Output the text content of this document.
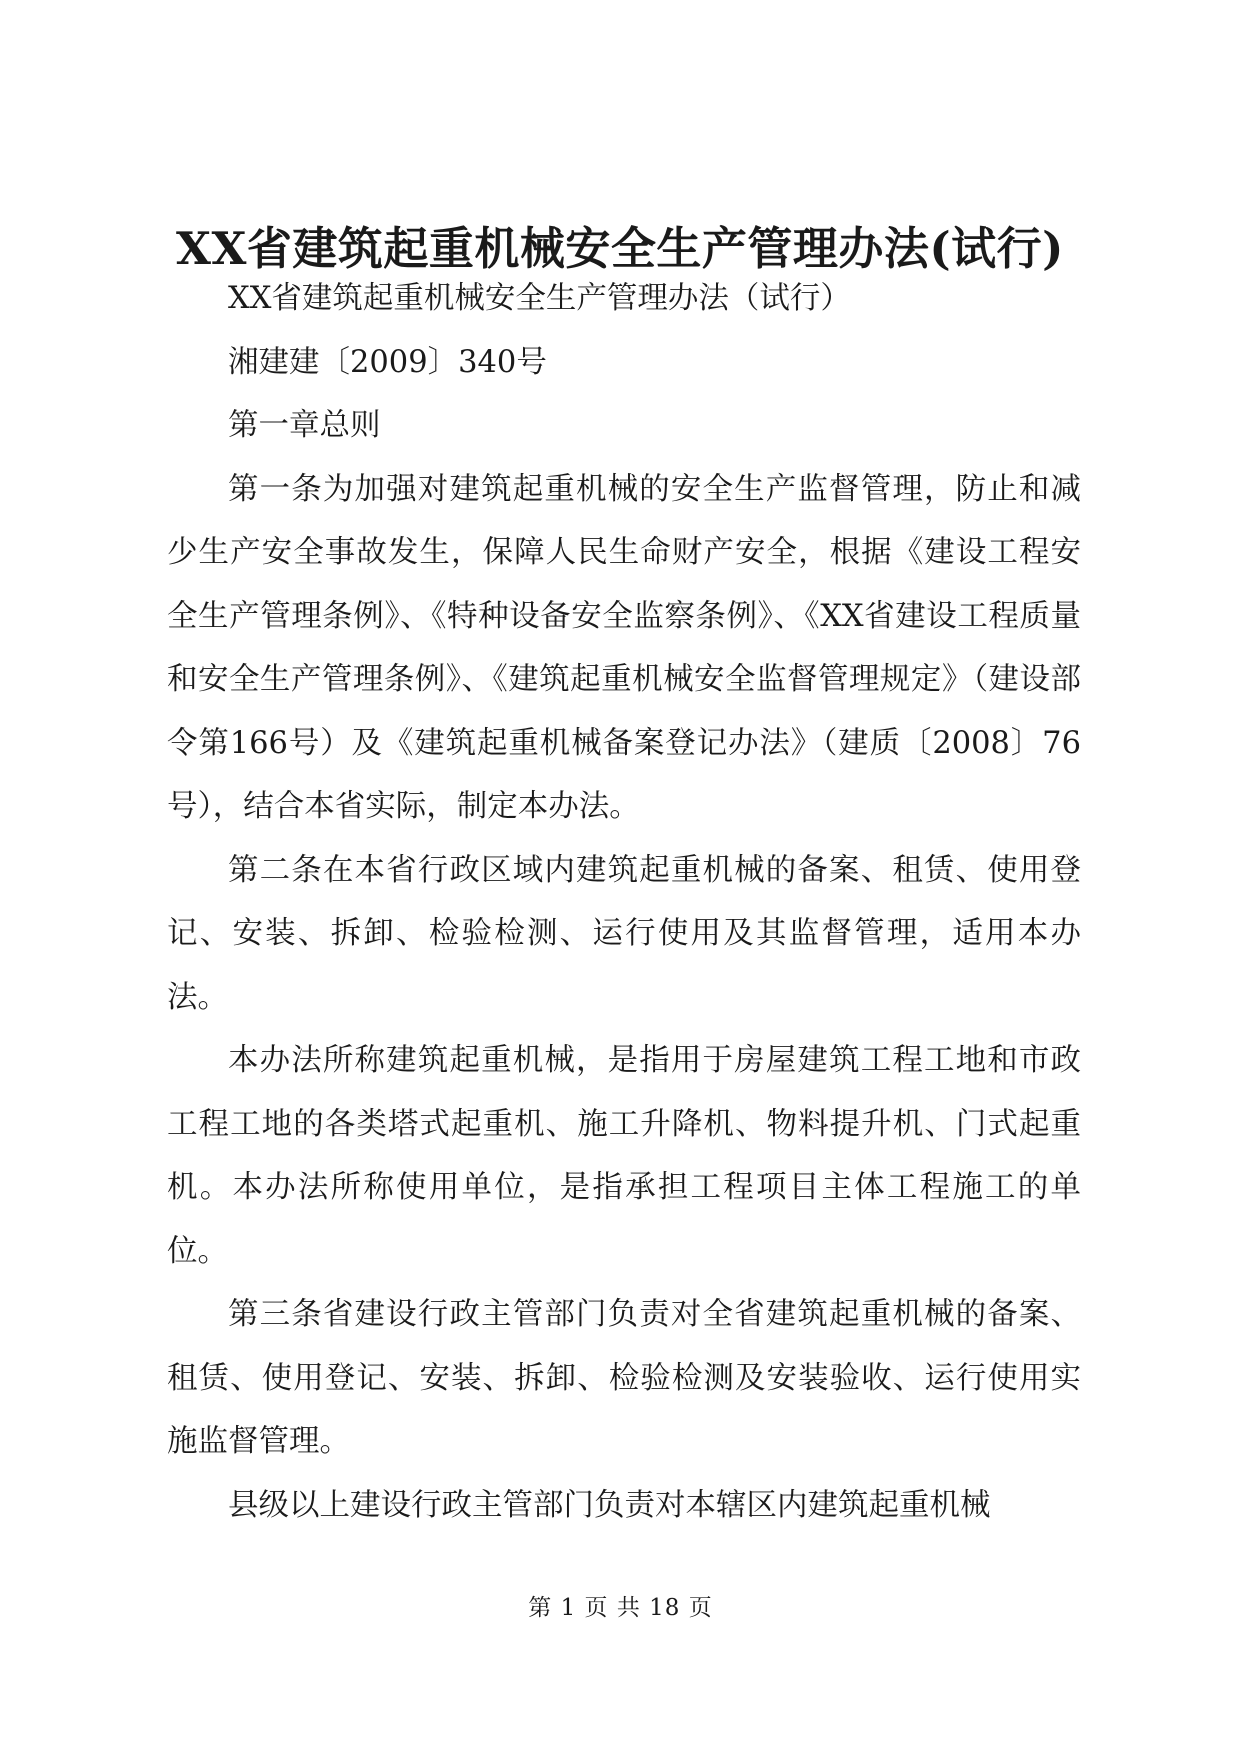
XX省建筑起重机械安全生产管理办法(试行)

XX省建筑起重机械安全生产管理办法（试行）

湘建建〔2009〕340号

第一章总则

第一条为加强对建筑起重机械的安全生产监督管理，防止和减少生产安全事故发生，保障人民生命财产安全，根据《建设工程安全生产管理条例》、《特种设备安全监察条例》、《XX省建设工程质量和安全生产管理条例》、《建筑起重机械安全监督管理规定》（建设部令第166号）及《建筑起重机械备案登记办法》（建质〔2008〕76号），结合本省实际，制定本办法。

第二条在本省行政区域内建筑起重机械的备案、租赁、使用登记、安装、拆卸、检验检测、运行使用及其监督管理，适用本办法。

本办法所称建筑起重机械，是指用于房屋建筑工程工地和市政工程工地的各类塔式起重机、施工升降机、物料提升机、门式起重机。本办法所称使用单位，是指承担工程项目主体工程施工的单位。

第三条省建设行政主管部门负责对全省建筑起重机械的备案、租赁、使用登记、安装、拆卸、检验检测及安装验收、运行使用实施监督管理。

县级以上建设行政主管部门负责对本辖区内建筑起重机械

第 1 页 共 18 页
